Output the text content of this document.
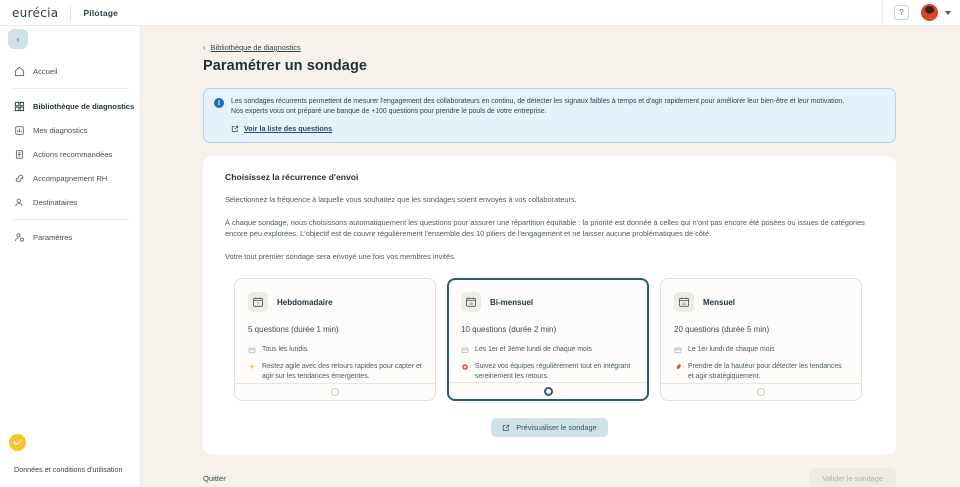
eurécia	Pilotage	?
‹
Accueil
Bibliothèque de diagnostics
Mes diagnostics
Actions recommandées
Accompagnement RH
Destinataires
Paramètres
Données et conditions d'utilisation
‹ Bibliothèque de diagnostics
Paramétrer un sondage
i	Les sondages récurrents permettent de mesurer l'engagement des collaborateurs en continu, de détecter les signaux faibles à temps et d'agir rapidement pour améliorer leur bien-être et leur motivation.
Nos experts vous ont préparé une banque de +100 questions pour prendre le pouls de votre entreprise.
Voir la liste des questions
Choisissez la récurrence d'envoi
Sélectionnez la fréquence à laquelle vous souhaitez que les sondages soient envoyés à vos collaborateurs.
À chaque sondage, nous choisissons automatiquement les questions pour assurer une répartition équitable : la priorité est donnée à celles qui n'ont pas encore été posées ou issues de catégories encore peu explorées. L'objectif est de couvrir régulièrement l'ensemble des 10 piliers de l'engagement et ne laisser aucune problématiques de côté.
Votre tout premier sondage sera envoyé une fois vos membres invités.
7 Hebdomadaire
5 questions (durée 1 min)
Tous les lundis
Restez agile avec des retours rapides pour capter et agir sur les tendances émergentes.
15 Bi-mensuel
10 questions (durée 2 min)
Les 1er et 3ème lundi de chaque mois
Suivez vos équipes régulièrement tout en intégrant sereinement les retours.
31 Mensuel
20 questions (durée 5 min)
Le 1er lundi de chaque mois
Prendre de la hauteur pour détecter les tendances et agir stratégiquement.
Prévisualiser le sondage
Quitter	Valider le sondage
